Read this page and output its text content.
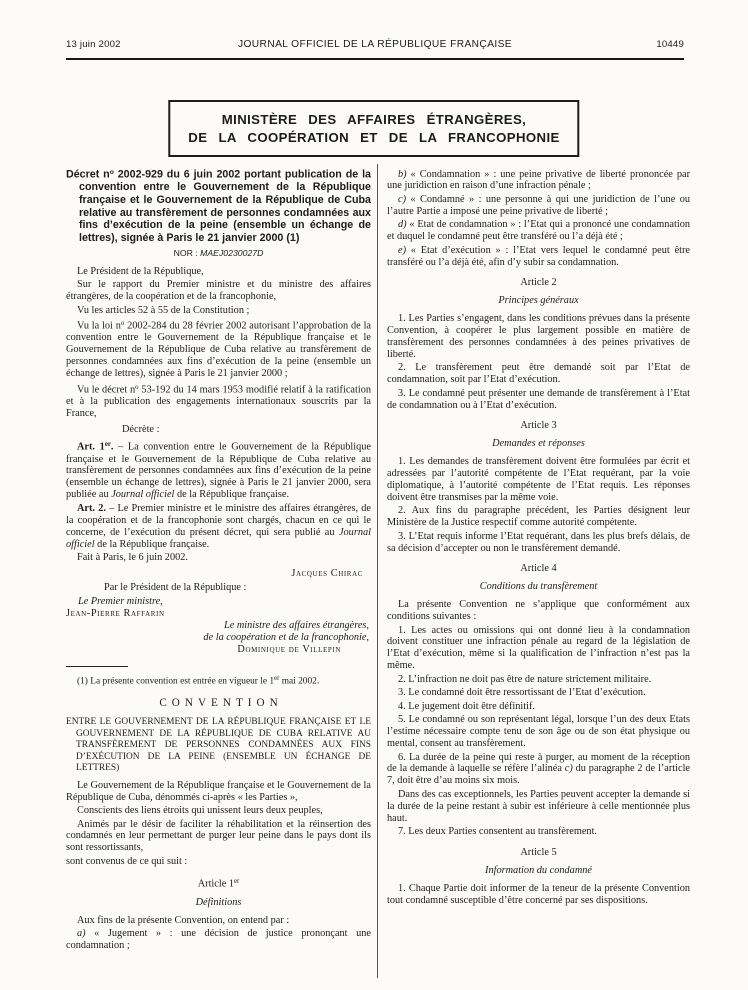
13 juin 2002	JOURNAL OFFICIEL DE LA RÉPUBLIQUE FRANÇAISE	10449
MINISTÈRE DES AFFAIRES ÉTRANGÈRES,
DE LA COOPÉRATION ET DE LA FRANCOPHONIE
Décret $n^o$ 2002-929 du 6 juin 2002 portant publication de la convention entre le Gouvernement de la République française et le Gouvernement de la République de Cuba relative au transfèrement de personnes condamnées aux fins d’exécution de la peine (ensemble un échange de lettres), signée à Paris le 21 janvier 2000 (1)
NOR : MAEJ0230027D
Le Président de la République,
Sur le rapport du Premier ministre et du ministre des affaires étrangères, de la coopération et de la francophonie,
Vu les articles 52 à 55 de la Constitution ;
Vu la loi $n^o$ 2002-284 du 28 février 2002 autorisant l’approbation de la convention entre le Gouvernement de la République française et le Gouvernement de la République de Cuba relative au transfèrement de personnes condamnées aux fins d’exécution de la peine (ensemble un échange de lettres), signée à Paris le 21 janvier 2000 ;
Vu le décret $n^o$ 53-192 du 14 mars 1953 modifié relatif à la ratification et à la publication des engagements internationaux souscrits par la France,
Décrète :
Art. 1er. – La convention entre le Gouvernement de la République française et le Gouvernement de la République de Cuba relative au transfèrement de personnes condamnées aux fins d’exécution de la peine (ensemble un échange de lettres), signée à Paris le 21 janvier 2000, sera publiée au Journal officiel de la République française.
Art. 2. – Le Premier ministre et le ministre des affaires étrangères, de la coopération et de la francophonie sont chargés, chacun en ce qui le concerne, de l’exécution du présent décret, qui sera publié au Journal officiel de la République française.
Fait à Paris, le 6 juin 2002.
Jacques Chirac
Par le Président de la République :
Le Premier ministre,
Jean-Pierre Raffarin
Le ministre des affaires étrangères,
de la coopération et de la francophonie,
Dominique de Villepin
(1) La présente convention est entrée en vigueur le 1er mai 2002.
CONVENTION
ENTRE LE GOUVERNEMENT DE LA RÉPUBLIQUE FRANÇAISE ET LE GOUVERNEMENT DE LA RÉPUBLIQUE DE CUBA RELATIVE AU TRANSFÈREMENT DE PERSONNES CONDAMNÉES AUX FINS D’EXÉCUTION DE LA PEINE (ENSEMBLE UN ÉCHANGE DE LETTRES)
Le Gouvernement de la République française et le Gouvernement de la République de Cuba, dénommés ci-après « les Parties »,
Conscients des liens étroits qui unissent leurs deux peuples,
Animés par le désir de faciliter la réhabilitation et la réinsertion des condamnés en leur permettant de purger leur peine dans le pays dont ils sont ressortissants,
sont convenus de ce qui suit :
Article 1er
Définitions
Aux fins de la présente Convention, on entend par :
a) « Jugement » : une décision de justice prononçant une condamnation ;
b) « Condamnation » : une peine privative de liberté prononcée par une juridiction en raison d’une infraction pénale ;
c) « Condamné » : une personne à qui une juridiction de l’une ou l’autre Partie a imposé une peine privative de liberté ;
d) « Etat de condamnation » : l’Etat qui a prononcé une condamnation et duquel le condamné peut être transféré ou l’a déjà été ;
e) « Etat d’exécution » : l’Etat vers lequel le condamné peut être transféré ou l’a déjà été, afin d’y subir sa condamnation.
Article 2
Principes généraux
1. Les Parties s’engagent, dans les conditions prévues dans la présente Convention, à coopérer le plus largement possible en matière de transfèrement des personnes condamnées à des peines privatives de liberté.
2. Le transfèrement peut être demandé soit par l’Etat de condamnation, soit par l’Etat d’exécution.
3. Le condamné peut présenter une demande de transfèrement à l’Etat de condamnation ou à l’Etat d’exécution.
Article 3
Demandes et réponses
1. Les demandes de transfèrement doivent être formulées par écrit et adressées par l’autorité compétente de l’Etat requérant, par la voie diplomatique, à l’autorité compétente de l’Etat requis. Les réponses doivent être transmises par la même voie.
2. Aux fins du paragraphe précédent, les Parties désignent leur Ministère de la Justice respectif comme autorité compétente.
3. L’Etat requis informe l’Etat requérant, dans les plus brefs délais, de sa décision d’accepter ou non le transfèrement demandé.
Article 4
Conditions du transfèrement
La présente Convention ne s’applique que conformément aux conditions suivantes :
1. Les actes ou omissions qui ont donné lieu à la condamnation doivent constituer une infraction pénale au regard de la législation de l’Etat d’exécution, même si la qualification de l’infraction n’est pas la même.
2. L’infraction ne doit pas être de nature strictement militaire.
3. Le condamné doit être ressortissant de l’Etat d’exécution.
4. Le jugement doit être définitif.
5. Le condamné ou son représentant légal, lorsque l’un des deux Etats l’estime nécessaire compte tenu de son âge ou de son état physique ou mental, consent au transfèrement.
6. La durée de la peine qui reste à purger, au moment de la réception de la demande à laquelle se réfère l’alinéa c) du paragraphe 2 de l’article 7, doit être d’au moins six mois.
Dans des cas exceptionnels, les Parties peuvent accepter la demande si la durée de la peine restant à subir est inférieure à celle mentionnée plus haut.
7. Les deux Parties consentent au transfèrement.
Article 5
Information du condamné
1. Chaque Partie doit informer de la teneur de la présente Convention tout condamné susceptible d’être concerné par ses dispositions.
